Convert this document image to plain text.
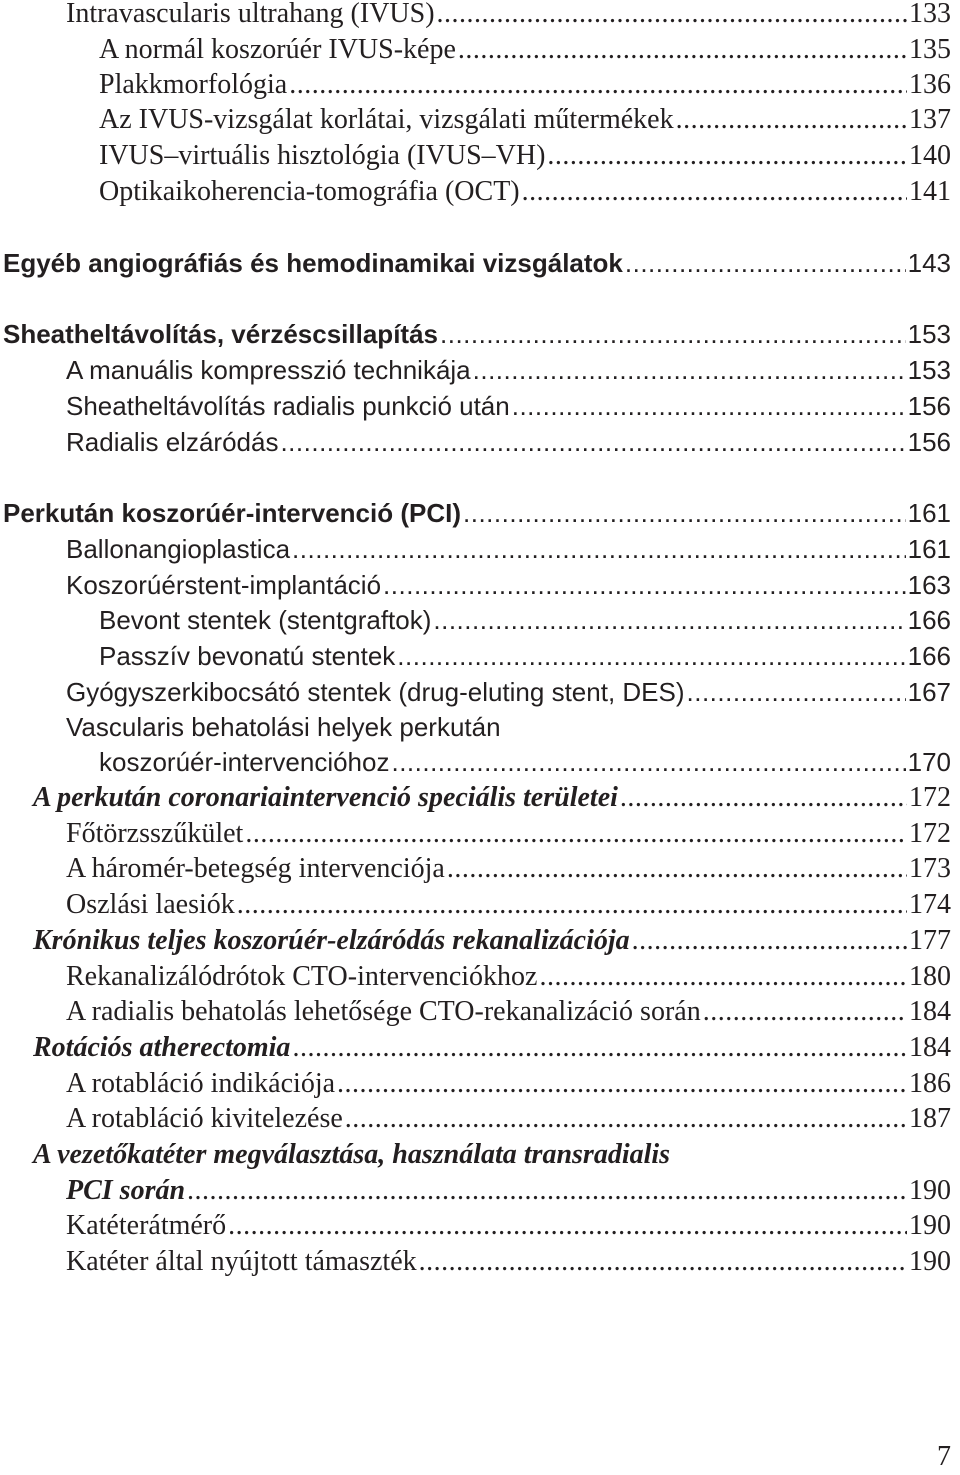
Intravascularis ultrahang (IVUS) .....	133
A normál koszorúér IVUS-képe .....	135
Plakkmorfológia .....	136
Az IVUS-vizsgálat korlátai, vizsgálati műtermékek .....	137
IVUS–virtuális hisztológia (IVUS–VH) .....	140
Optikaikoherencia-tomográfia (OCT) .....	141
Egyéb angiográfiás és hemodinamikai vizsgálatok .....	143
Sheatheltávolítás, vérzéscsillapítás .....	153
A manuális kompresszió technikája .....	153
Sheatheltávolítás radialis punkció után .....	156
Radialis elzáródás .....	156
Perkután koszorúér-intervenció (PCI) .....	161
Ballonangioplastica .....	161
Koszorúérstent-implantáció .....	163
Bevont stentek (stentgraftok) .....	166
Passzív bevonatú stentek .....	166
Gyógyszerkibocsátó stentek (drug-eluting stent, DES) .....	167
Vascularis behatolási helyek perkután
koszorúér-intervencióhoz .....	170
A perkután coronariaintervenció speciális területei .....	172
Főtörzsszűkület .....	172
A háromér-betegség intervenciója .....	173
Oszlási laesiók .....	174
Krónikus teljes koszorúér-elzáródás rekanalizációja .....	177
Rekanalizálódrótok CTO-intervenciókhoz .....	180
A radialis behatolás lehetősége CTO-rekanalizáció során .....	184
Rotációs atherectomia .....	184
A rotabláció indikációja .....	186
A rotabláció kivitelezése .....	187
A vezetőkatéter megválasztása, használata transradialis
PCI során .....	190
Katéterátmérő .....	190
Katéter által nyújtott támaszték .....	190
7
